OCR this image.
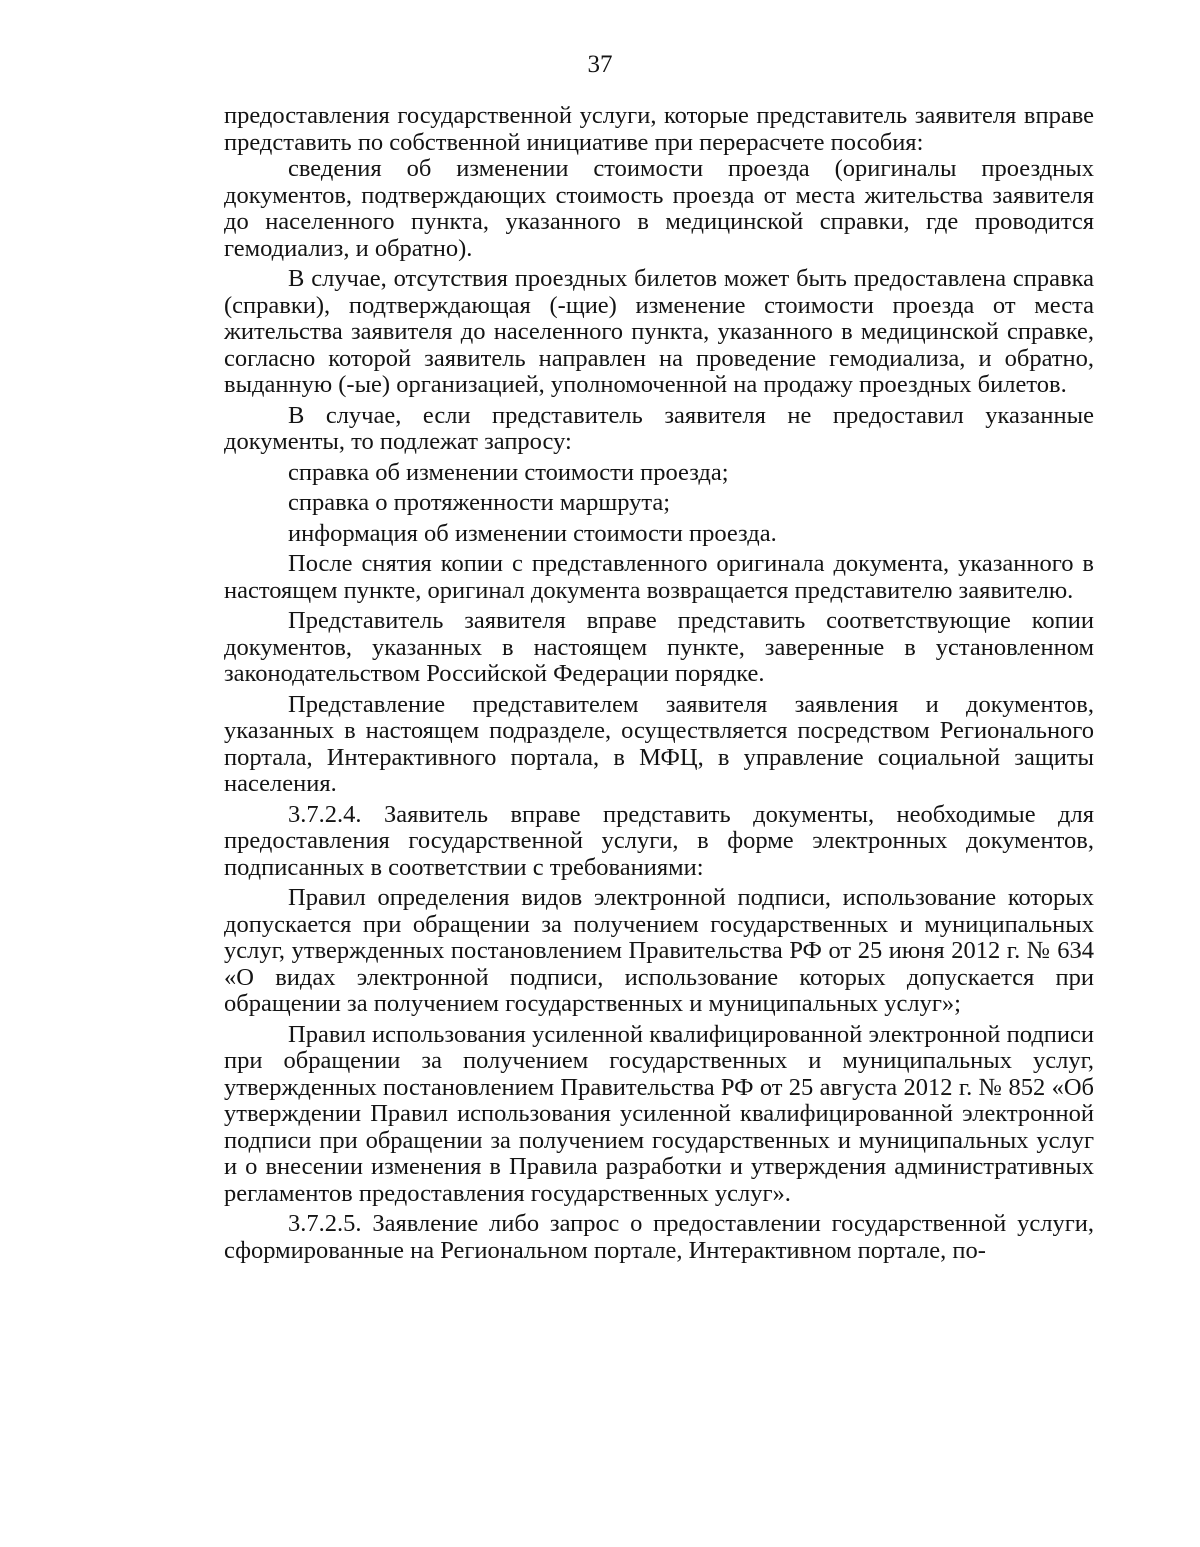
37

предоставления государственной услуги, которые представитель заявителя вправе представить по собственной инициативе при перерасчете пособия:

сведения об изменении стоимости проезда (оригиналы проездных документов, подтверждающих стоимость проезда от места жительства заявителя до населенного пункта, указанного в медицинской справки, где проводится гемодиализ, и обратно).

В случае, отсутствия проездных билетов может быть предоставлена справка (справки), подтверждающая (-щие) изменение стоимости проезда от места жительства заявителя до населенного пункта, указанного в медицинской справке, согласно которой заявитель направлен на проведение гемодиализа, и обратно, выданную (-ые) организацией, уполномоченной на продажу проездных билетов.

В случае, если представитель заявителя не предоставил указанные документы, то подлежат запросу:

справка об изменении стоимости проезда;

справка о протяженности маршрута;

информация об изменении стоимости проезда.

После снятия копии с представленного оригинала документа, указанного в настоящем пункте, оригинал документа возвращается представителю заявителю.

Представитель заявителя вправе представить соответствующие копии документов, указанных в настоящем пункте, заверенные в установленном законодательством Российской Федерации порядке.

Представление представителем заявителя заявления и документов, указанных в настоящем подразделе, осуществляется посредством Регионального портала, Интерактивного портала, в МФЦ, в управление социальной защиты населения.

3.7.2.4. Заявитель вправе представить документы, необходимые для предоставления государственной услуги, в форме электронных документов, подписанных в соответствии с требованиями:

Правил определения видов электронной подписи, использование которых допускается при обращении за получением государственных и муниципальных услуг, утвержденных постановлением Правительства РФ от 25 июня 2012 г. № 634 «О видах электронной подписи, использование которых допускается при обращении за получением государственных и муниципальных услуг»;

Правил использования усиленной квалифицированной электронной подписи при обращении за получением государственных и муниципальных услуг, утвержденных постановлением Правительства РФ от 25 августа 2012 г. № 852 «Об утверждении Правил использования усиленной квалифицированной электронной подписи при обращении за получением государственных и муниципальных услуг и о внесении изменения в Правила разработки и утверждения административных регламентов предоставления государственных услуг».

3.7.2.5. Заявление либо запрос о предоставлении государственной услуги, сформированные на Региональном портале, Интерактивном портале, по-
